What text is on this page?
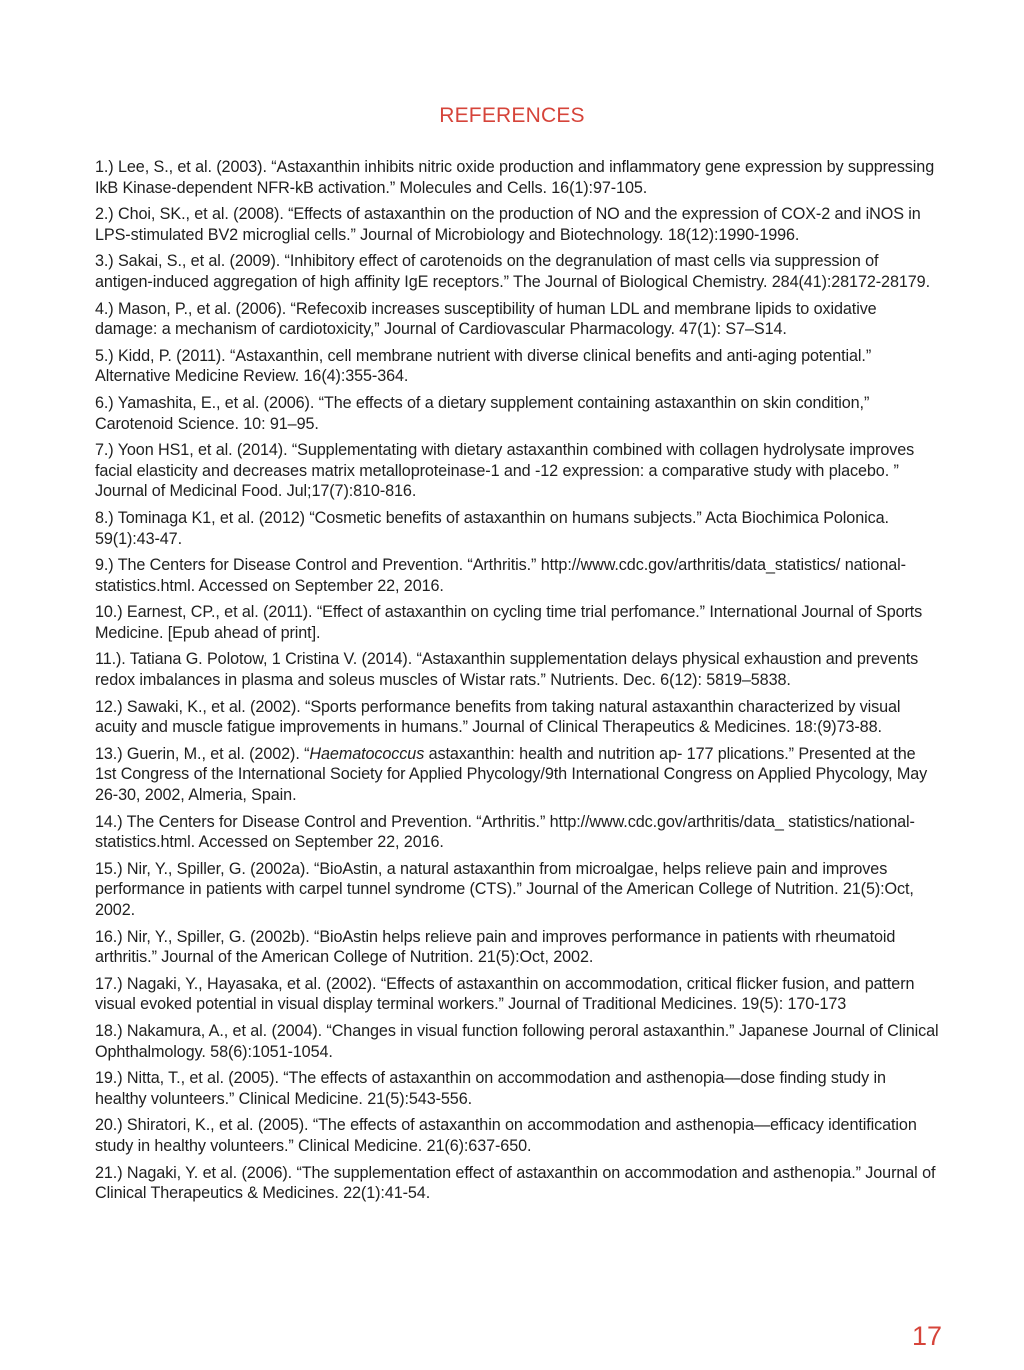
REFERENCES
1.) Lee, S., et al. (2003). “Astaxanthin inhibits nitric oxide production and inflammatory gene expression by suppressing IkB Kinase-dependent NFR-kB activation.” Molecules and Cells. 16(1):97-105.
2.) Choi, SK., et al. (2008). “Effects of astaxanthin on the production of NO and the expression of COX-2 and iNOS in LPS-stimulated BV2 microglial cells.” Journal of Microbiology and Biotechnology. 18(12):1990-1996.
3.) Sakai, S., et al. (2009). “Inhibitory effect of carotenoids on the degranulation of mast cells via suppression of antigen-induced aggregation of high affinity IgE receptors.” The Journal of Biological Chemistry. 284(41):28172-28179.
4.) Mason, P., et al. (2006). “Refecoxib increases susceptibility of human LDL and membrane lipids to oxidative damage: a mechanism of cardiotoxicity,” Journal of Cardiovascular Pharmacology. 47(1): S7–S14.
5.) Kidd, P. (2011). “Astaxanthin, cell membrane nutrient with diverse clinical benefits and anti-aging potential.” Alternative Medicine Review. 16(4):355-364.
6.) Yamashita, E., et al. (2006). “The effects of a dietary supplement containing astaxanthin on skin condition,” Carotenoid Science. 10: 91–95.
7.) Yoon HS1, et al. (2014). “Supplementating with dietary astaxanthin combined with collagen hydrolysate improves facial elasticity and decreases matrix metalloproteinase-1 and -12 expression: a comparative study with placebo. ” Journal of Medicinal Food. Jul;17(7):810-816.
8.) Tominaga K1, et al. (2012) “Cosmetic benefits of astaxanthin on humans subjects.” Acta Biochimica Polonica. 59(1):43-47.
9.) The Centers for Disease Control and Prevention. “Arthritis.” http://www.cdc.gov/arthritis/data_statistics/ national-statistics.html. Accessed on September 22, 2016.
10.) Earnest, CP., et al. (2011). “Effect of astaxanthin on cycling time trial perfomance.” International Journal of Sports Medicine. [Epub ahead of print].
11.). Tatiana G. Polotow, 1 Cristina V. (2014). “Astaxanthin supplementation delays physical exhaustion and prevents redox imbalances in plasma and soleus muscles of Wistar rats.” Nutrients. Dec. 6(12): 5819–5838.
12.) Sawaki, K., et al. (2002). “Sports performance benefits from taking natural astaxanthin characterized by visual acuity and muscle fatigue improvements in humans.” Journal of Clinical Therapeutics & Medicines. 18:(9)73-88.
13.) Guerin, M., et al. (2002). “Haematococcus astaxanthin: health and nutrition ap- 177 plications.” Presented at the 1st Congress of the International Society for Applied Phycology/9th International Congress on Applied Phycology, May 26-30, 2002, Almeria, Spain.
14.) The Centers for Disease Control and Prevention. “Arthritis.” http://www.cdc.gov/arthritis/data_ statistics/national-statistics.html. Accessed on September 22, 2016.
15.) Nir, Y., Spiller, G. (2002a). “BioAstin, a natural astaxanthin from microalgae, helps relieve pain and improves performance in patients with carpel tunnel syndrome (CTS).” Journal of the American College of Nutrition. 21(5):Oct, 2002.
16.) Nir, Y., Spiller, G. (2002b). “BioAstin helps relieve pain and improves performance in patients with rheumatoid arthritis.” Journal of the American College of Nutrition. 21(5):Oct, 2002.
17.) Nagaki, Y., Hayasaka, et al. (2002). “Effects of astaxanthin on accommodation, critical flicker fusion, and pattern visual evoked potential in visual display terminal workers.” Journal of Traditional Medicines. 19(5): 170-173
18.) Nakamura, A., et al. (2004). “Changes in visual function following peroral astaxanthin.” Japanese Journal of Clinical Ophthalmology. 58(6):1051-1054.
19.) Nitta, T., et al. (2005). “The effects of astaxanthin on accommodation and asthenopia—dose finding study in healthy volunteers.” Clinical Medicine. 21(5):543-556.
20.) Shiratori, K., et al. (2005). “The effects of astaxanthin on accommodation and asthenopia—efficacy identification study in healthy volunteers.” Clinical Medicine. 21(6):637-650.
21.) Nagaki, Y. et al. (2006). “The supplementation effect of astaxanthin on accommodation and asthenopia.” Journal of Clinical Therapeutics & Medicines. 22(1):41-54.
17
